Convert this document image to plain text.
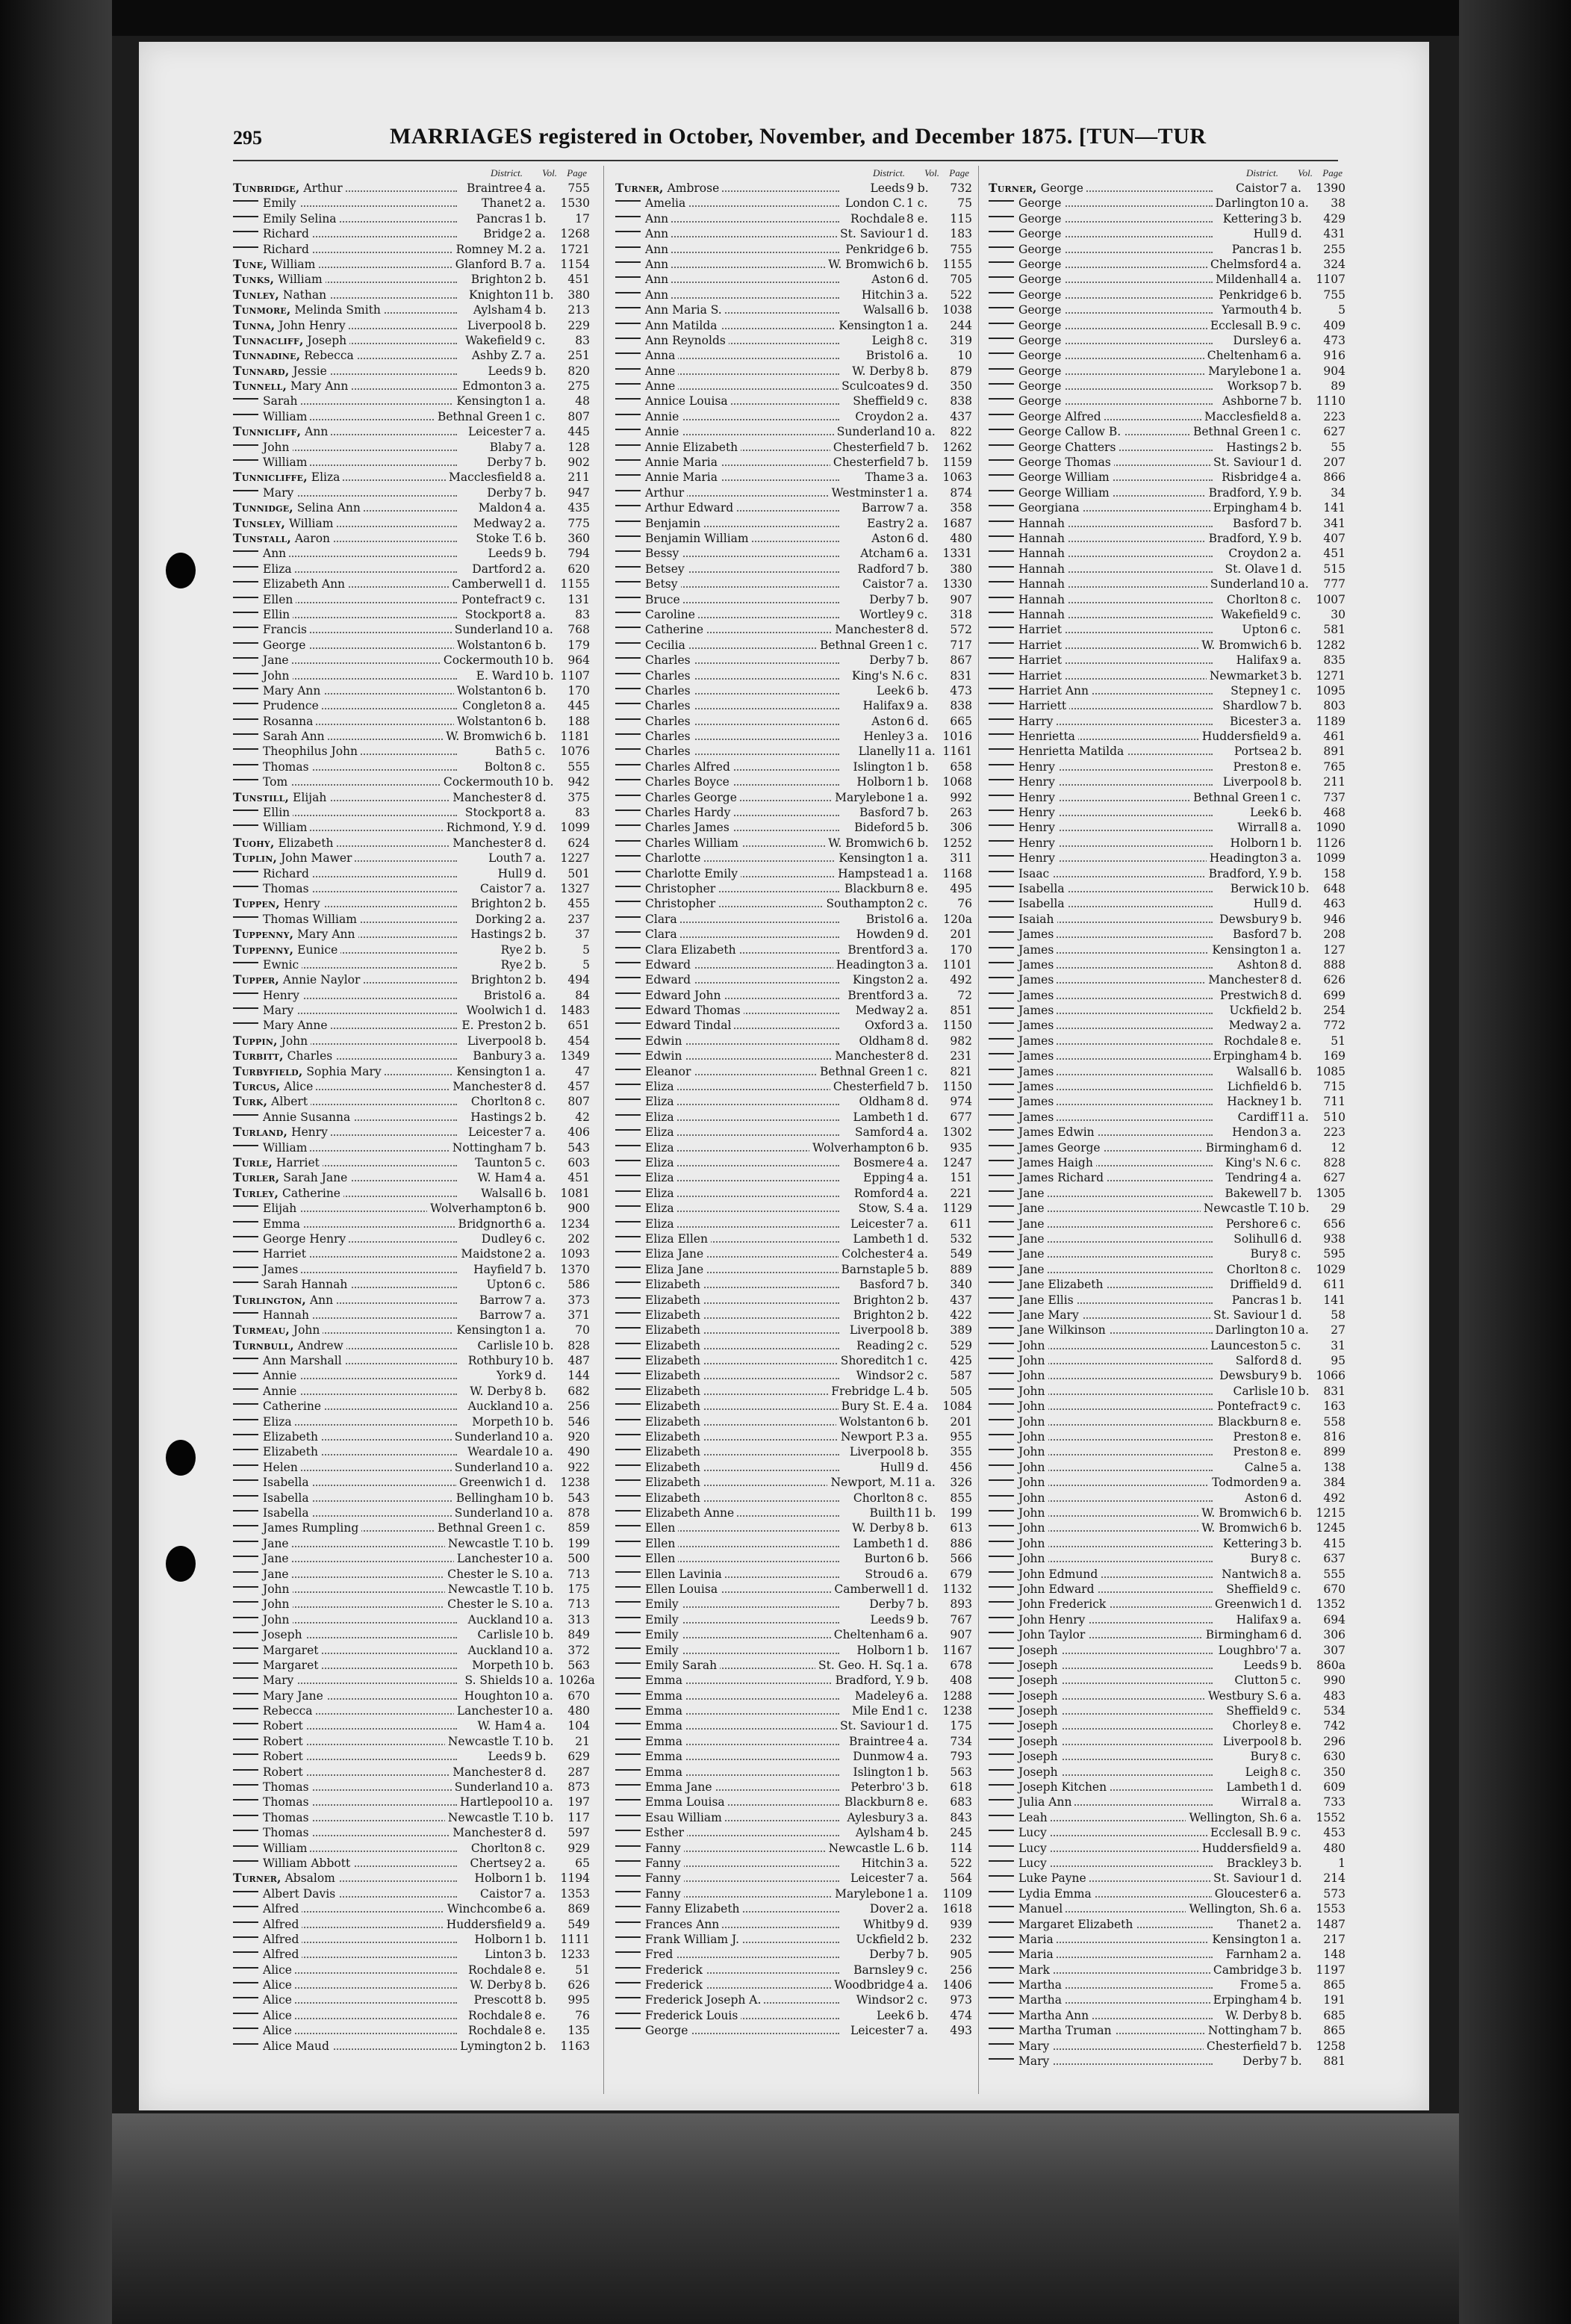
295	MARRIAGES registered in October, November, and December 1875. [TUN—TUR
District. Vol. Page
Tunbridge, Arthur	Braintree 4 a.	755
Emily	Thanet 2 a.	1530
Emily Selina	Pancras 1 b.	17
Richard	Bridge 2 a.	1268
Richard	Romney M. 2 a.	1721
Tune, William	Glanford B. 7 a.	1154
Tunks, William	Brighton 2 b.	451
Tunley, Nathan	Knighton 11 b.	380
Tunmore, Melinda Smith	Aylsham 4 b.	213
Tunna, John Henry	Liverpool 8 b.	229
Tunnacliff, Joseph	Wakefield 9 c.	83
Tunnadine, Rebecca	Ashby Z. 7 a.	251
Tunnard, Jessie	Leeds 9 b.	820
Tunnell, Mary Ann	Edmonton 3 a.	275
Sarah	Kensington 1 a.	48
William	Bethnal Green 1 c.	807
Tunnicliff, Ann	Leicester 7 a.	445
John	Blaby 7 a.	128
William	Derby 7 b.	902
Tunnicliffe, Eliza	Macclesfield 8 a.	211
Mary	Derby 7 b.	947
Tunnidge, Selina Ann	Maldon 4 a.	435
Tunsley, William	Medway 2 a.	775
Tunstall, Aaron	Stoke T. 6 b.	360
Ann	Leeds 9 b.	794
Eliza	Dartford 2 a.	620
Elizabeth Ann	Camberwell 1 d.	1155
Ellen	Pontefract 9 c.	131
Ellin	Stockport 8 a.	83
Francis	Sunderland 10 a.	768
George	Wolstanton 6 b.	179
Jane	Cockermouth 10 b.	964
John	E. Ward 10 b. 1107
Mary Ann	Wolstanton 6 b.	170
Prudence	Congleton 8 a.	445
Rosanna	Wolstanton 6 b.	188
Sarah Ann	W. Bromwich 6 b.	1181
Theophilus John	Bath 5 c.	1076
Thomas	Bolton 8 c.	555
Tom	Cockermouth 10 b.	942
Tunstill, Elijah	Manchester 8 d.	375
Ellin	Stockport 8 a.	83
William	Richmond, Y. 9 d.	1099
Tuohy, Elizabeth	Manchester 8 d.	624
Tuplin, John Mawer	Louth 7 a.	1227
Richard	Hull 9 d.	501
Thomas	Caistor 7 a.	1327
Tuppen, Henry	Brighton 2 b.	455
Thomas William	Dorking 2 a.	237
Tuppenny, Mary Ann	Hastings 2 b.	37
Tuppenny, Eunice	Rye 2 b.	5
Ewnic	Rye 2 b.	5
Tupper, Annie Naylor	Brighton 2 b.	494
Henry	Bristol 6 a.	84
Mary	Woolwich 1 d.	1483
Mary Anne	E. Preston 2 b.	651
Tuppin, John	Liverpool 8 b.	454
Turbitt, Charles	Banbury 3 a.	1349
Turbyfield, Sophia Mary	Kensington 1 a.	47
Turcus, Alice	Manchester 8 d.	457
Turk, Albert	Chorlton 8 c.	807
Annie Susanna	Hastings 2 b.	42
Turland, Henry	Leicester 7 a.	406
William	Nottingham 7 b.	543
Turle, Harriet	Taunton 5 c.	603
Turler, Sarah Jane	W. Ham 4 a.	451
Turley, Catherine	Walsall 6 b.	1081
Elijah	Wolverhampton 6 b.	900
Emma	Bridgnorth 6 a.	1234
George Henry	Dudley 6 c.	202
Harriet	Maidstone 2 a.	1093
James	Hayfield 7 b.	1370
Sarah Hannah	Upton 6 c.	586
Turlington, Ann	Barrow 7 a.	373
Hannah	Barrow 7 a.	371
Turmeau, John	Kensington 1 a.	70
Turnbull, Andrew	Carlisle 10 b.	828
Ann Marshall	Rothbury 10 b.	487
Annie	York 9 d.	144
Annie	W. Derby 8 b.	682
Catherine	Auckland 10 a.	256
Eliza	Morpeth 10 b.	546
Elizabeth	Sunderland 10 a.	920
Elizabeth	Weardale 10 a.	490
Helen	Sunderland 10 a.	922
Isabella	Greenwich 1 d.	1238
Isabella	Bellingham 10 b.	543
Isabella	Sunderland 10 a.	878
James Rumpling	Bethnal Green 1 c.	859
Jane	Newcastle T. 10 b.	199
Jane	Lanchester 10 a.	500
Jane	Chester le S. 10 a.	713
John	Newcastle T. 10 b.	175
John	Chester le S. 10 a.	713
John	Auckland 10 a.	313
Joseph	Carlisle 10 b.	849
Margaret	Auckland 10 a.	372
Margaret	Morpeth 10 b.	563
Mary	S. Shields 10 a. 1026a
Mary Jane	Houghton 10 a.	670
Rebecca	Lanchester 10 a.	480
Robert	W. Ham 4 a.	104
Robert	Newcastle T. 10 b.	21
Robert	Leeds 9 b.	629
Robert	Manchester 8 d.	287
Thomas	Sunderland 10 a.	873
Thomas	Hartlepool 10 a.	197
Thomas	Newcastle T. 10 b.	117
Thomas	Manchester 8 d.	597
William	Chorlton 8 c.	929
William Abbott	Chertsey 2 a.	65
Turner, Absalom	Holborn 1 b.	1194
Albert Davis	Caistor 7 a.	1353
Alfred	Winchcombe 6 a.	869
Alfred	Huddersfield 9 a.	549
Alfred	Holborn 1 b.	1111
Alfred	Linton 3 b.	1233
Alice	Rochdale 8 e.	51
Alice	W. Derby 8 b.	626
Alice	Prescott 8 b.	995
Alice	Rochdale 8 e.	76
Alice	Rochdale 8 e.	135
Alice Maud	Lymington 2 b.	1163
District. Vol. Page
Turner, Ambrose	Leeds 9 b.	732
Amelia	London C. 1 c.	75
Ann	Rochdale 8 e.	115
Ann	St. Saviour 1 d.	183
Ann	Penkridge 6 b.	755
Ann	W. Bromwich 6 b.	1155
Ann	Aston 6 d.	705
Ann	Hitchin 3 a.	522
Ann Maria S.	Walsall 6 b.	1038
Ann Matilda	Kensington 1 a.	244
Ann Reynolds	Leigh 8 c.	319
Anna	Bristol 6 a.	10
Anne	W. Derby 8 b.	879
Anne	Sculcoates 9 d.	350
Annice Louisa	Sheffield 9 c.	838
Annie	Croydon 2 a.	437
Annie	Sunderland 10 a.	822
Annie Elizabeth	Chesterfield 7 b.	1262
Annie Maria	Chesterfield 7 b.	1159
Annie Maria	Thame 3 a.	1063
Arthur	Westminster 1 a.	874
Arthur Edward	Barrow 7 a.	358
Benjamin	Eastry 2 a.	1687
Benjamin William	Aston 6 d.	480
Bessy	Atcham 6 a.	1331
Betsey	Radford 7 b.	380
Betsy	Caistor 7 a.	1330
Bruce	Derby 7 b.	907
Caroline	Wortley 9 c.	318
Catherine	Manchester 8 d.	572
Cecilia	Bethnal Green 1 c.	717
Charles	Derby 7 b.	867
Charles	King's N. 6 c.	831
Charles	Leek 6 b.	473
Charles	Halifax 9 a.	838
Charles	Aston 6 d.	665
Charles	Henley 3 a.	1016
Charles	Llanelly 11 a. 1161
Charles Alfred	Islington 1 b.	658
Charles Boyce	Holborn 1 b.	1068
Charles George	Marylebone 1 a.	992
Charles Hardy	Basford 7 b.	263
Charles James	Bideford 5 b.	306
Charles William	W. Bromwich 6 b.	1252
Charlotte	Kensington 1 a.	311
Charlotte Emily	Hampstead 1 a.	1168
Christopher	Blackburn 8 e.	495
Christopher	Southampton 2 c.	76
Clara	Bristol 6 a.	120a
Clara	Howden 9 d.	201
Clara Elizabeth	Brentford 3 a.	170
Edward	Headington 3 a.	1101
Edward	Kingston 2 a.	492
Edward John	Brentford 3 a.	72
Edward Thomas	Medway 2 a.	851
Edward Tindal	Oxford 3 a.	1150
Edwin	Oldham 8 d.	982
Edwin	Manchester 8 d.	231
Eleanor	Bethnal Green 1 c.	821
Eliza	Chesterfield 7 b.	1150
Eliza	Oldham 8 d.	974
Eliza	Lambeth 1 d.	677
Eliza	Samford 4 a.	1302
Eliza	Wolverhampton 6 b.	935
Eliza	Bosmere 4 a.	1247
Eliza	Epping 4 a.	151
Eliza	Romford 4 a.	221
Eliza	Stow, S. 4 a.	1129
Eliza	Leicester 7 a.	611
Eliza Ellen	Lambeth 1 d.	532
Eliza Jane	Colchester 4 a.	549
Eliza Jane	Barnstaple 5 b.	889
Elizabeth	Basford 7 b.	340
Elizabeth	Brighton 2 b.	437
Elizabeth	Brighton 2 b.	422
Elizabeth	Liverpool 8 b.	389
Elizabeth	Reading 2 c.	529
Elizabeth	Shoreditch 1 c.	425
Elizabeth	Windsor 2 c.	587
Elizabeth	Frebridge L. 4 b.	505
Elizabeth	Bury St. E. 4 a.	1084
Elizabeth	Wolstanton 6 b.	201
Elizabeth	Newport P. 3 a.	955
Elizabeth	Liverpool 8 b.	355
Elizabeth	Hull 9 d.	456
Elizabeth	Newport, M. 11 a.	326
Elizabeth	Chorlton 8 c.	855
Elizabeth Anne	Builth 11 b.	199
Ellen	W. Derby 8 b.	613
Ellen	Lambeth 1 d.	886
Ellen	Burton 6 b.	566
Ellen Lavinia	Stroud 6 a.	679
Ellen Louisa	Camberwell 1 d.	1132
Emily	Derby 7 b.	893
Emily	Leeds 9 b.	767
Emily	Cheltenham 6 a.	907
Emily	Holborn 1 b.	1167
Emily Sarah	St. Geo. H. Sq. 1 a.	678
Emma	Bradford, Y. 9 b.	408
Emma	Madeley 6 a.	1288
Emma	Mile End 1 c.	1238
Emma	St. Saviour 1 d.	175
Emma	Braintree 4 a.	734
Emma	Dunmow 4 a.	793
Emma	Islington 1 b.	563
Emma Jane	Peterbro' 3 b.	618
Emma Louisa	Blackburn 8 e.	683
Esau William	Aylesbury 3 a.	843
Esther	Aylsham 4 b.	245
Fanny	Newcastle L. 6 b.	114
Fanny	Hitchin 3 a.	522
Fanny	Leicester 7 a.	564
Fanny	Marylebone 1 a.	1109
Fanny Elizabeth	Dover 2 a.	1618
Frances Ann	Whitby 9 d.	939
Frank William J.	Uckfield 2 b.	232
Fred	Derby 7 b.	905
Frederick	Barnsley 9 c.	256
Frederick	Woodbridge 4 a.	1406
Frederick Joseph A.	Windsor 2 c.	973
Frederick Louis	Leek 6 b.	474
George	Leicester 7 a.	493
District. Vol. Page
Turner, George	Caistor 7 a.	1390
George	Darlington 10 a.	38
George	Kettering 3 b.	429
George	Hull 9 d.	431
George	Pancras 1 b.	255
George	Chelmsford 4 a.	324
George	Mildenhall 4 a.	1107
George	Penkridge 6 b.	755
George	Yarmouth 4 b.	5
George	Ecclesall B. 9 c.	409
George	Dursley 6 a.	473
George	Cheltenham 6 a.	916
George	Marylebone 1 a.	904
George	Worksop 7 b.	89
George	Ashborne 7 b.	1110
George Alfred	Macclesfield 8 a.	223
George Callow B.	Bethnal Green 1 c.	627
George Chatters	Hastings 2 b.	55
George Thomas	St. Saviour 1 d.	207
George William	Risbridge 4 a.	866
George William	Bradford, Y. 9 b.	34
Georgiana	Erpingham 4 b.	141
Hannah	Basford 7 b.	341
Hannah	Bradford, Y. 9 b.	407
Hannah	Croydon 2 a.	451
Hannah	St. Olave 1 d.	515
Hannah	Sunderland 10 a.	777
Hannah	Chorlton 8 c.	1007
Hannah	Wakefield 9 c.	30
Harriet	Upton 6 c.	581
Harriet	W. Bromwich 6 b.	1282
Harriet	Halifax 9 a.	835
Harriet	Newmarket 3 b.	1271
Harriet Ann	Stepney 1 c.	1095
Harriett	Shardlow 7 b.	803
Harry	Bicester 3 a.	1189
Henrietta	Huddersfield 9 a.	461
Henrietta Matilda	Portsea 2 b.	891
Henry	Preston 8 e.	765
Henry	Liverpool 8 b.	211
Henry	Bethnal Green 1 c.	737
Henry	Leek 6 b.	468
Henry	Wirrall 8 a.	1090
Henry	Holborn 1 b.	1126
Henry	Headington 3 a.	1099
Isaac	Bradford, Y. 9 b.	158
Isabella	Berwick 10 b.	648
Isabella	Hull 9 d.	463
Isaiah	Dewsbury 9 b.	946
James	Basford 7 b.	208
James	Kensington 1 a.	127
James	Ashton 8 d.	888
James	Manchester 8 d.	626
James	Prestwich 8 d.	699
James	Uckfield 2 b.	254
James	Medway 2 a.	772
James	Rochdale 8 e.	51
James	Erpingham 4 b.	169
James	Walsall 6 b.	1085
James	Lichfield 6 b.	715
James	Hackney 1 b.	711
James	Cardiff 11 a.	510
James Edwin	Hendon 3 a.	223
James George	Birmingham 6 d.	12
James Haigh	King's N. 6 c.	828
James Richard	Tendring 4 a.	627
Jane	Bakewell 7 b.	1305
Jane	Newcastle T. 10 b.	29
Jane	Pershore 6 c.	656
Jane	Solihull 6 d.	938
Jane	Bury 8 c.	595
Jane	Chorlton 8 c.	1029
Jane Elizabeth	Driffield 9 d.	611
Jane Ellis	Pancras 1 b.	141
Jane Mary	St. Saviour 1 d.	58
Jane Wilkinson	Darlington 10 a.	27
John	Launceston 5 c.	31
John	Salford 8 d.	95
John	Dewsbury 9 b.	1066
John	Carlisle 10 b.	831
John	Pontefract 9 c.	163
John	Blackburn 8 e.	558
John	Preston 8 e.	816
John	Preston 8 e.	899
John	Calne 5 a.	138
John	Todmorden 9 a.	384
John	Aston 6 d.	492
John	W. Bromwich 6 b.	1215
John	W. Bromwich 6 b.	1245
John	Kettering 3 b.	415
John	Bury 8 c.	637
John Edmund	Nantwich 8 a.	555
John Edward	Sheffield 9 c.	670
John Frederick	Greenwich 1 d.	1352
John Henry	Halifax 9 a.	694
John Taylor	Birmingham 6 d.	306
Joseph	Loughbro' 7 a.	307
Joseph	Leeds 9 b.	860a
Joseph	Clutton 5 c.	990
Joseph	Westbury S. 6 a.	483
Joseph	Sheffield 9 c.	534
Joseph	Chorley 8 e.	742
Joseph	Liverpool 8 b.	296
Joseph	Bury 8 c.	630
Joseph	Leigh 8 c.	350
Joseph Kitchen	Lambeth 1 d.	609
Julia Ann	Wirral 8 a.	733
Leah	Wellington, Sh. 6 a.	1552
Lucy	Ecclesall B. 9 c.	453
Lucy	Huddersfield 9 a.	480
Lucy	Brackley 3 b.	1
Luke Payne	St. Saviour 1 d.	214
Lydia Emma	Gloucester 6 a.	573
Manuel	Wellington, Sh. 6 a.	1553
Margaret Elizabeth	Thanet 2 a.	1487
Maria	Kensington 1 a.	217
Maria	Farnham 2 a.	148
Mark	Cambridge 3 b.	1197
Martha	Frome 5 a.	865
Martha	Erpingham 4 b.	191
Martha Ann	W. Derby 8 b.	685
Martha Truman	Nottingham 7 b.	865
Mary	Chesterfield 7 b.	1258
Mary	Derby 7 b.	881
